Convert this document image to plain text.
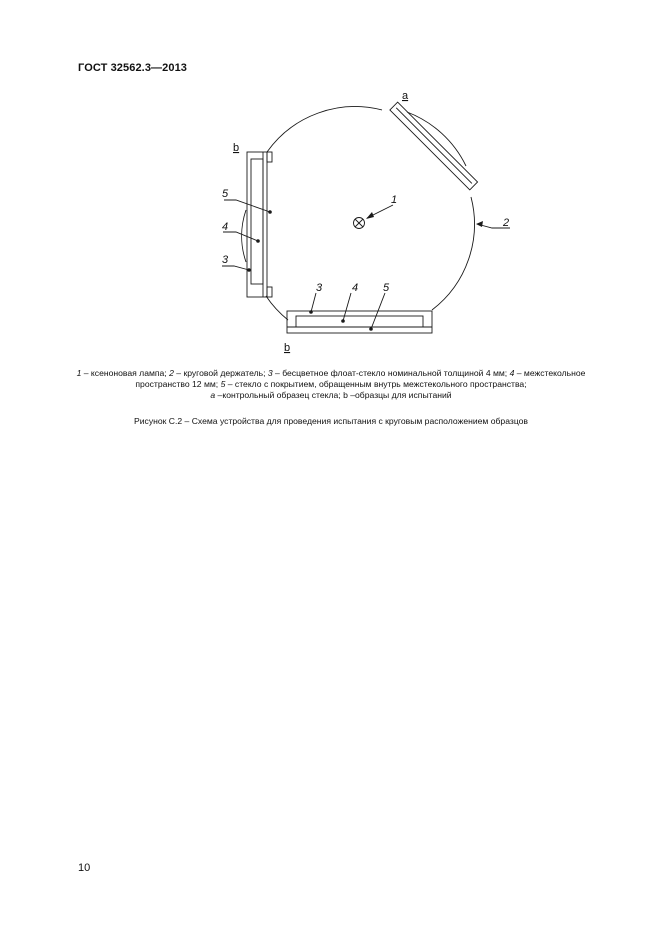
ГОСТ 32562.3—2013
a
b
b
1
2
5
4
3
3	4 5
1 – ксеноновая лампа; 2 – круговой держатель; 3 – бесцветное флоат-стекло номинальной толщиной 4 мм; 4 – межстекольное пространство 12 мм; 5 – стекло с покрытием, обращенным внутрь межстекольного пространства;
a –контрольный образец стекла; b –образцы для испытаний
Рисунок С.2 – Схема устройства для проведения испытания с круговым расположением образцов
10
